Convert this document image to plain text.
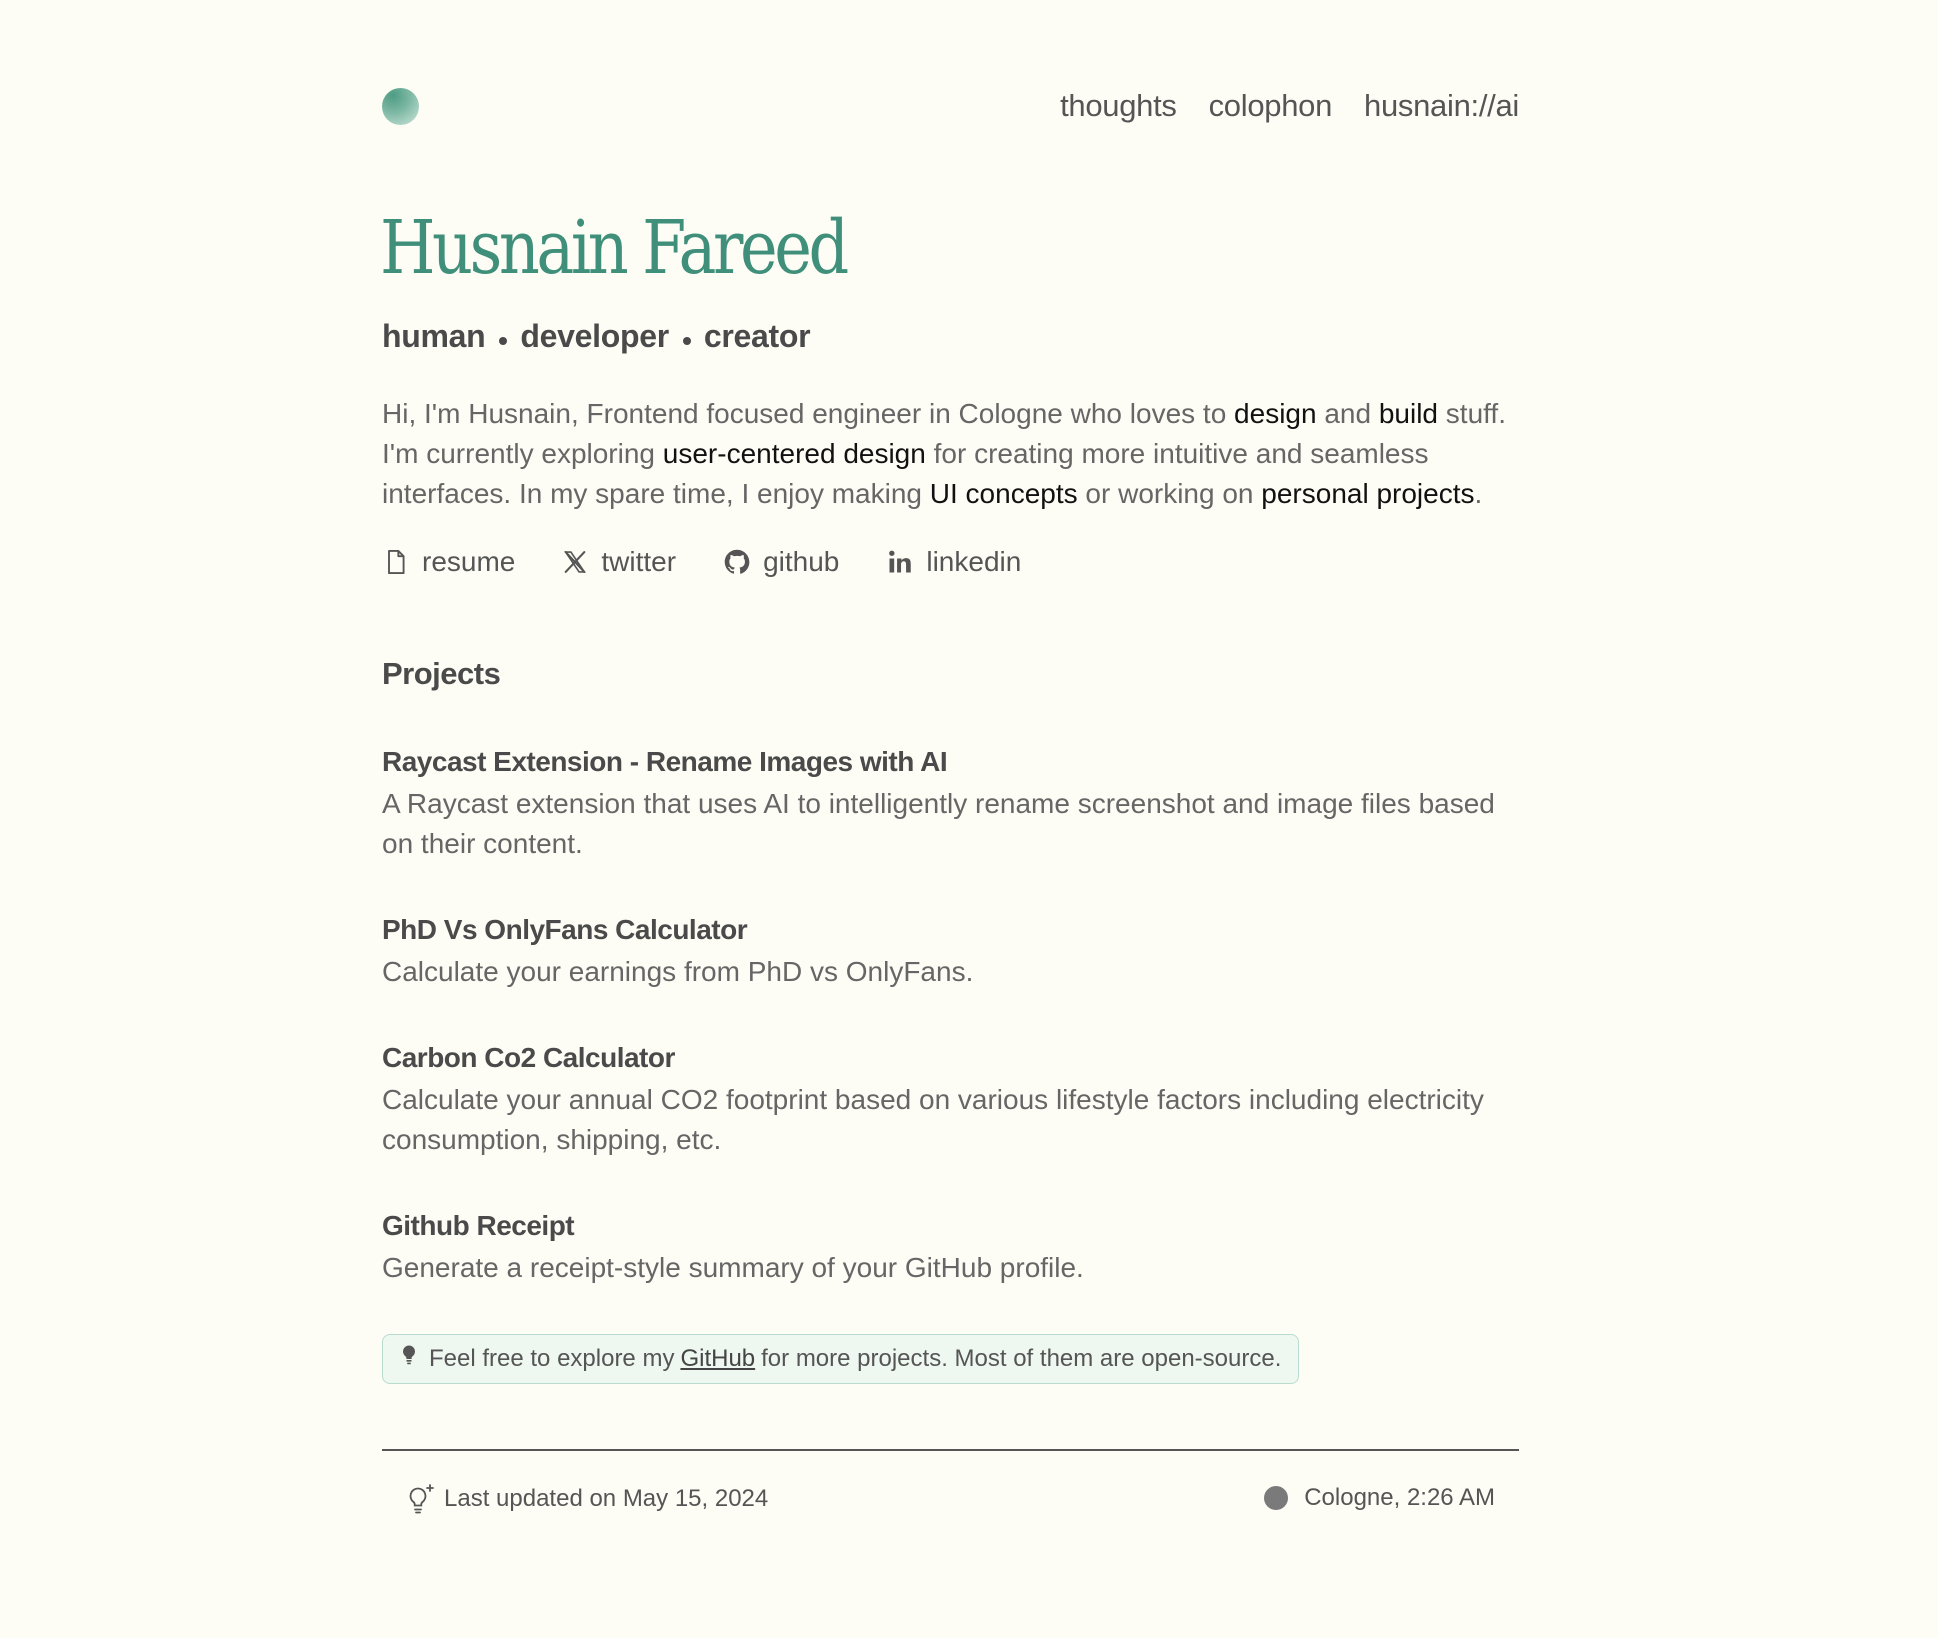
thoughts colophon husnain://ai
Husnain Fareed
human developer creator

Hi, I'm Husnain, Frontend focused engineer in Cologne who loves to design and build stuff. I'm currently exploring user-centered design for creating more intuitive and seamless interfaces. In my spare time, I enjoy making UI concepts or working on personal projects.

resume	twitter	github	linkedin
Projects
Raycast Extension - Rename Images with AI

A Raycast extension that uses AI to intelligently rename screenshot and image files based on their content.

PhD Vs OnlyFans Calculator

Calculate your earnings from PhD vs OnlyFans.

Carbon Co2 Calculator

Calculate your annual CO2 footprint based on various lifestyle factors including electricity consumption, shipping, etc.

Github Receipt

Generate a receipt-style summary of your GitHub profile.

Feel free to explore my GitHub for more projects. Most of them are open-source.
Last updated on May 15, 2024	Cologne, 2:26 AM
